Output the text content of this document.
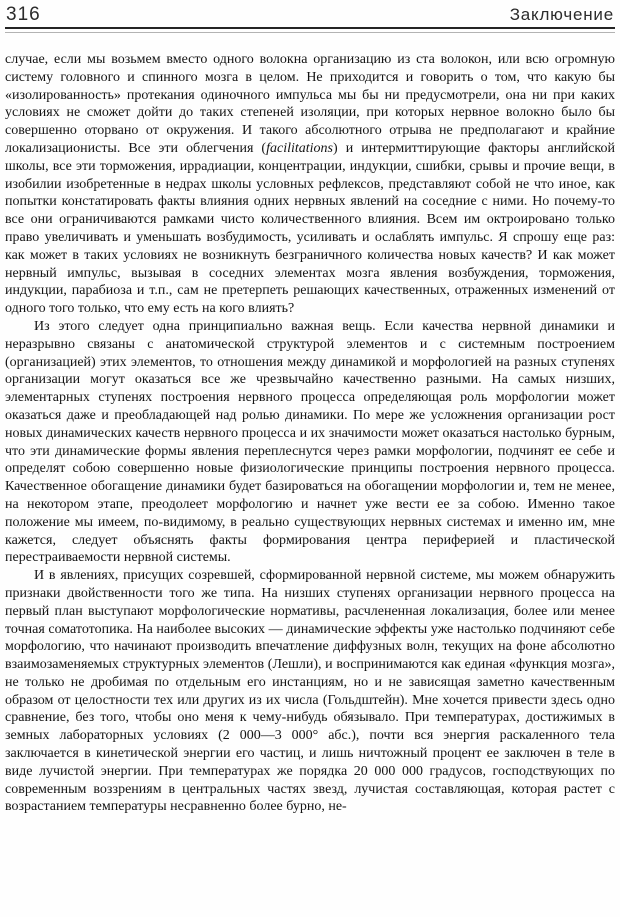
316	Заключение

случае, если мы возьмем вместо одного волокна организацию из ста волокон, или всю огромную систему головного и спинного мозга в целом. Не приходится и говорить о том, что какую бы «изолированность» протекания одиночного импульса мы бы ни предусмотрели, она ни при каких условиях не сможет дойти до таких степеней изоляции, при которых нервное волокно было бы совершенно оторвано от окружения. И такого абсолютного отрыва не предполагают и крайние локализационисты. Все эти облегчения (facilitations) и интермиттирующие факторы английской школы, все эти торможения, иррадиации, концентрации, индукции, сшибки, срывы и прочие вещи, в изобилии изобретенные в недрах школы условных рефлексов, представляют собой не что иное, как попытки констатировать факты влияния одних нервных явлений на соседние с ними. Но почему-то все они ограничиваются рамками чисто количественного влияния. Всем им октроировано только право увеличивать и уменьшать возбудимость, усиливать и ослаблять импульс. Я спрошу еще раз: как может в таких условиях не возникнуть безграничного количества новых качеств? И как может нервный импульс, вызывая в соседних элементах мозга явления возбуждения, торможения, индукции, парабиоза и т.п., сам не претерпеть решающих качественных, отраженных изменений от одного того только, что ему есть на кого влиять?

Из этого следует одна принципиально важная вещь. Если качества нервной динамики и неразрывно связаны с анатомической структурой элементов и с системным построением (организацией) этих элементов, то отношения между динамикой и морфологией на разных ступенях организации могут оказаться все же чрезвычайно качественно разными. На самых низших, элементарных ступенях построения нервного процесса определяющая роль морфологии может оказаться даже и преобладающей над ролью динамики. По мере же усложнения организации рост новых динамических качеств нервного процесса и их значимости может оказаться настолько бурным, что эти динамические формы явления переплеснутся через рамки морфологии, подчинят ее себе и определят собою совершенно новые физиологические принципы построения нервного процесса. Качественное обогащение динамики будет базироваться на обогащении морфологии и, тем не менее, на некотором этапе, преодолеет морфологию и начнет уже вести ее за собою. Именно такое положение мы имеем, по-видимому, в реально существующих нервных системах и именно им, мне кажется, следует объяснять факты формирования центра периферией и пластической перестраиваемости нервной системы.

И в явлениях, присущих созревшей, сформированной нервной системе, мы можем обнаружить признаки двойственности того же типа. На низших ступенях организации нервного процесса на первый план выступают морфологические нормативы, расчлененная локализация, более или менее точная соматотопика. На наиболее высоких — динамические эффекты уже настолько подчиняют себе морфологию, что начинают производить впечатление диффузных волн, текущих на фоне абсолютно взаимозаменяемых структурных элементов (Лешли), и воспринимаются как единая «функция мозга», не только не дробимая по отдельным его инстанциям, но и не зависящая заметно качественным образом от целостности тех или других из их числа (Гольдштейн). Мне хочется привести здесь одно сравнение, без того, чтобы оно меня к чему-нибудь обязывало. При температурах, достижимых в земных лабораторных условиях (2 000—3 000° абс.), почти вся энергия раскаленного тела заключается в кинетической энергии его частиц, и лишь ничтожный процент ее заключен в теле в виде лучистой энергии. При температурах же порядка 20 000 000 градусов, господствующих по современным воззрениям в центральных частях звезд, лучистая составляющая, которая растет с возрастанием температуры несравненно более бурно, не-
